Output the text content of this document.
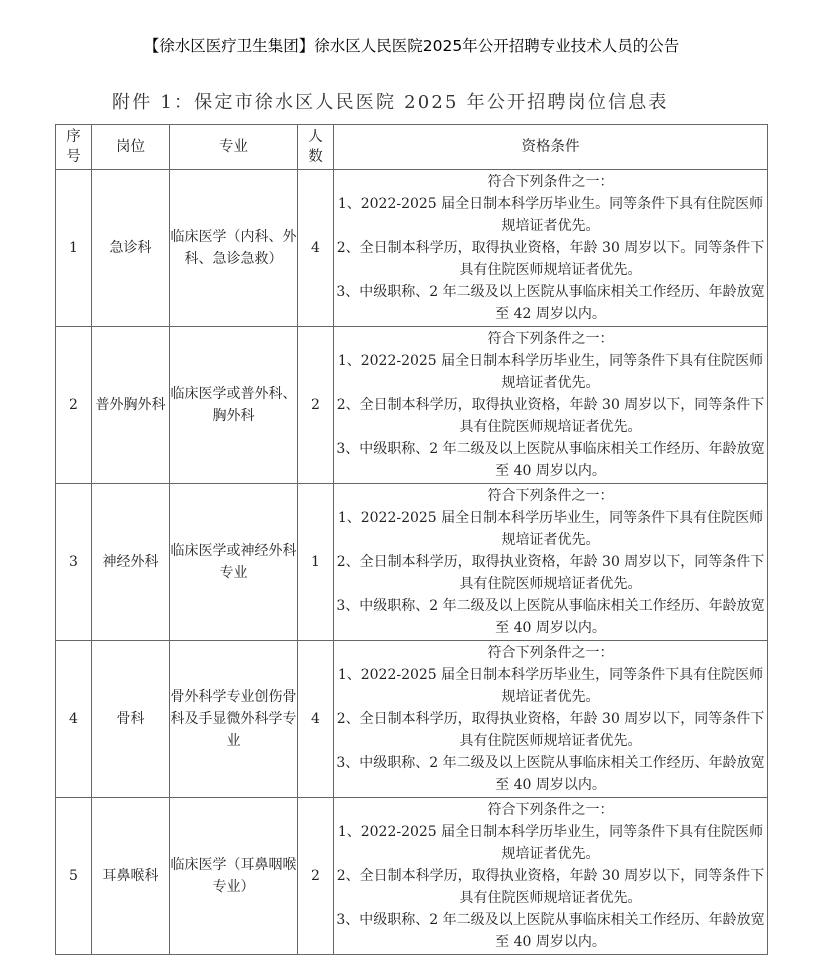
【徐水区医疗卫生集团】徐水区人民医院2025年公开招聘专业技术人员的公告
附件 1：保定市徐水区人民医院 2025 年公开招聘岗位信息表
序号	岗位	专业	人数	资格条件
1	急诊科	临床医学（内科、外科、急诊急救）	4	符合下列条件之一：
1、2022-2025 届全日制本科学历毕业生。同等条件下具有住院医师规培证者优先。
2、全日制本科学历，取得执业资格，年龄 30 周岁以下。同等条件下具有住院医师规培证者优先。
3、中级职称、2 年二级及以上医院从事临床相关工作经历、年龄放宽至 42 周岁以内。

2	普外胸外科	临床医学或普外科、胸外科	2	符合下列条件之一：
1、2022-2025 届全日制本科学历毕业生，同等条件下具有住院医师规培证者优先。
2、全日制本科学历，取得执业资格，年龄 30 周岁以下，同等条件下具有住院医师规培证者优先。
3、中级职称、2 年二级及以上医院从事临床相关工作经历、年龄放宽至 40 周岁以内。

3	神经外科	临床医学或神经外科专业	1	符合下列条件之一：
1、2022-2025 届全日制本科学历毕业生，同等条件下具有住院医师规培证者优先。
2、全日制本科学历，取得执业资格，年龄 30 周岁以下，同等条件下具有住院医师规培证者优先。
3、中级职称、2 年二级及以上医院从事临床相关工作经历、年龄放宽至 40 周岁以内。

4	骨科	骨外科学专业创伤骨科及手显微外科学专业	4	符合下列条件之一：
1、2022-2025 届全日制本科学历毕业生，同等条件下具有住院医师规培证者优先。
2、全日制本科学历，取得执业资格，年龄 30 周岁以下，同等条件下具有住院医师规培证者优先。
3、中级职称、2 年二级及以上医院从事临床相关工作经历、年龄放宽至 40 周岁以内。

5	耳鼻喉科	临床医学（耳鼻咽喉专业）	2	符合下列条件之一：
1、2022-2025 届全日制本科学历毕业生，同等条件下具有住院医师规培证者优先。
2、全日制本科学历，取得执业资格，年龄 30 周岁以下，同等条件下具有住院医师规培证者优先。
3、中级职称、2 年二级及以上医院从事临床相关工作经历、年龄放宽至 40 周岁以内。
